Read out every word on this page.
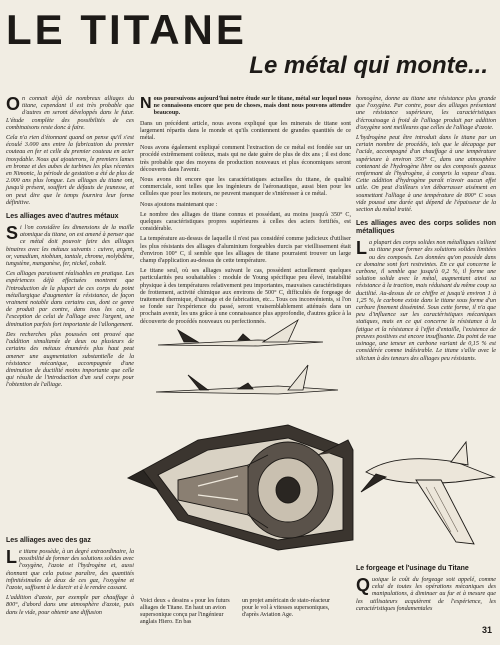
LE TITANE
Le métal qui monte...

On connait déjà de nombreux alliages du titane, cependant il est très probable que d'autres en seront développés dans le futur. L'étude complète des possibilités de ces combinaisons reste donc à faire.

Cela n'a rien d'étonnant quand on pense qu'il s'est écoulé 3.000 ans entre la fabrication du premier couteau en fer et celle du premier couteau en acier inoxydable. Nous qui ajouterons, le premiers lames en bronze et des aubes de turbines les plus récentes en Nimonic, la période de gestation a été de plus de 2.000 ans plus longue. Les alliages du titane ont, jusqu'à présent, souffert de défauts de jeunesse, et on peut dire que le temps fournira leur forme définitive.

Les alliages avec d'autres métaux

Si l'on considère les dimensions de la maille atomique du titane, on est amené à penser que ce métal doit pouvoir faire des alliages binaires avec les métaux suivants : cuivre, argent, or, vanadium, niobium, tantale, chrome, molybdène, tungstène, manganèse, fer, nickel, cobalt.

Ces alliages paraissent réalisables en pratique. Les expériences déjà effectuées montrent que l'introduction de la plupart de ces corps du point métallurgique d'augmenter la résistance, de façon vraiment notable dans certains cas, dont ce genre de produit par contre, dans tous les cas, à l'exception de celui de l'alliage avec l'argent, une diminution parfois fort importante de l'allongement.

Des recherches plus poussées ont prouvé que l'addition simultanée de deux ou plusieurs de certains des métaux énumérés plus haut peut amener une augmentation substantielle de la résistance mécanique, accompagnée d'une diminution de ductilité moins importante que celle qui résulte de l'introduction d'un seul corps pour l'obtention de l'alliage.

Les alliages avec des gaz

Le titane possède, à un degré extraordinaire, la possibilité de former des solutions solides avec l'oxygène, l'azote et l'hydrogène et, aussi étonnant que cela puisse paraître, des quantités infinitésimales de deux de ces gaz, l'oxygène et l'azote, suffisent à le durcir et à le rendre cassant.

L'addition d'azote, par exemple par chauffage à 800°, d'abord dans une atmosphère d'azote, puis dans le vide, pour obtenir une diffusion

Nous poursuivons aujourd'hui notre étude sur le titane, métal sur lequel nous ne connaissons encore que peu de choses, mais dont nous pouvons attendre beaucoup.

Dans un précédent article, nous avons expliqué que les minerais de titane sont largement répartis dans le monde et qu'ils contiennent de grandes quantités de ce métal.

Nous avons également expliqué comment l'extraction de ce métal est fondée sur un procédé extrêmement coûteux, mais qui ne date guère de plus de dix ans ; il est donc très probable que des moyens de production nouveaux et plus économiques seront découverts dans l'avenir.

Nous avons dit encore que les caractéristiques actuelles du titane, de qualité commerciale, sont telles que les ingénieurs de l'aéronautique, aussi bien pour les cellules que pour les moteurs, ne peuvent manquer de s'intéresser à ce métal.

Nous ajoutons maintenant que :

Le nombre des alliages de titane connus et possédant, au moins jusqu'à 350° C, quelques caractéristiques propres supérieures à celles des aciers fortifiés, est considérable.

La température au-dessus de laquelle il n'est pas considéré comme judicieux d'utiliser les plus résistants des alliages d'aluminium forgeables durcis par vieillissement était d'environ 100° C, il semble que les alliages de titane pourraient trouver un large champ d'application au-dessus de cette température.

Le titane seul, où ses alliages suivant le cas, possèdent actuellement quelques particularités peu souhaitables : module de Young spécifique peu élevé, instabilité physique à des températures relativement peu importantes, mauvaises caractéristiques de frottement, activité chimique aux environs de 500° C, difficultés de forgeage de traitement thermique, d'usinage et de fabrication, etc... Tous ces inconvénients, si l'on se fonde sur l'expérience du passé, seront vraisemblablement atténués dans un prochain avenir, les uns grâce à une connaissance plus approfondie, d'autres grâce à la découverte de procédés nouveaux ou perfectionnés.

Voici deux « dessins » pour les futurs alliages de Titane. En haut un avion supersonique conçu par l'ingénieur anglais Hiero. En basun projet américain de stato-réacteur pour le vol à vitesses supersoniques, d'après Aviation Age.

homogène, donne au titane une résistance plus grande que l'oxygène. Par contre, pour des alliages présentant une résistance supérieure, les caractéristiques d'écrouissage à froid de l'alliage produit par addition d'oxygène sont meilleures que celles de l'alliage d'azote.

L'hydrogène peut être introduit dans le titane par un certain nombre de procédés, tels que le décapage par l'acide, accompagné d'un chauffage à une température supérieure à environ 350° C, dans une atmosphère contenant de l'hydrogène libre ou des composés gazeux renfermant de l'hydrogène, à compris la vapeur d'eau. Cette addition d'hydrogène paraît n'avoir aucun effet utile. On peut d'ailleurs s'en débarrasser aisément en soumettant l'alliage à une température de 800° C sous vide poussé une durée qui dépend de l'épaisseur de la section du métal traité.

Les alliages avec des corps solides non métalliques

La plupart des corps solides non métalliques s'allient au titane pour former des solutions solides limitées ou des composés. Les données qu'on possède dans ce domaine sont fort restreintes. En ce qui concerne le carbone, il semble que jusqu'à 0,2 %, il forme une solution solide avec le métal, augmentant ainsi sa résistance à la traction, mais réduisant du même coup sa ductilité. Au-dessus de ce chiffre et jusqu'à environ 1 à 1,25 %, le carbone existe dans le titane sous forme d'un carbure finement disséminé. Sous cette forme, il n'a que peu d'influence sur les caractéristiques mécaniques statiques, mais en ce qui concerne la résistance à la fatigue et la résistance à l'effet d'entaille, l'existence de preuves positives est encore insuffisante. Du point de vue usinage, une teneur en carbone variant de 0,15 % est considérée comme indésirable. Le titane s'allie avec le silicium à des teneurs des alliages peu résistants.

Le forgeage et l'usinage du Titane

Quoique le coût du forgeage soit appelé, comme celui de toutes les opérations mécaniques des manipulations, à diminuer au fur et à mesure que les utilisateurs acquièrent de l'expérience, les caractéristiques fondamentales

31
